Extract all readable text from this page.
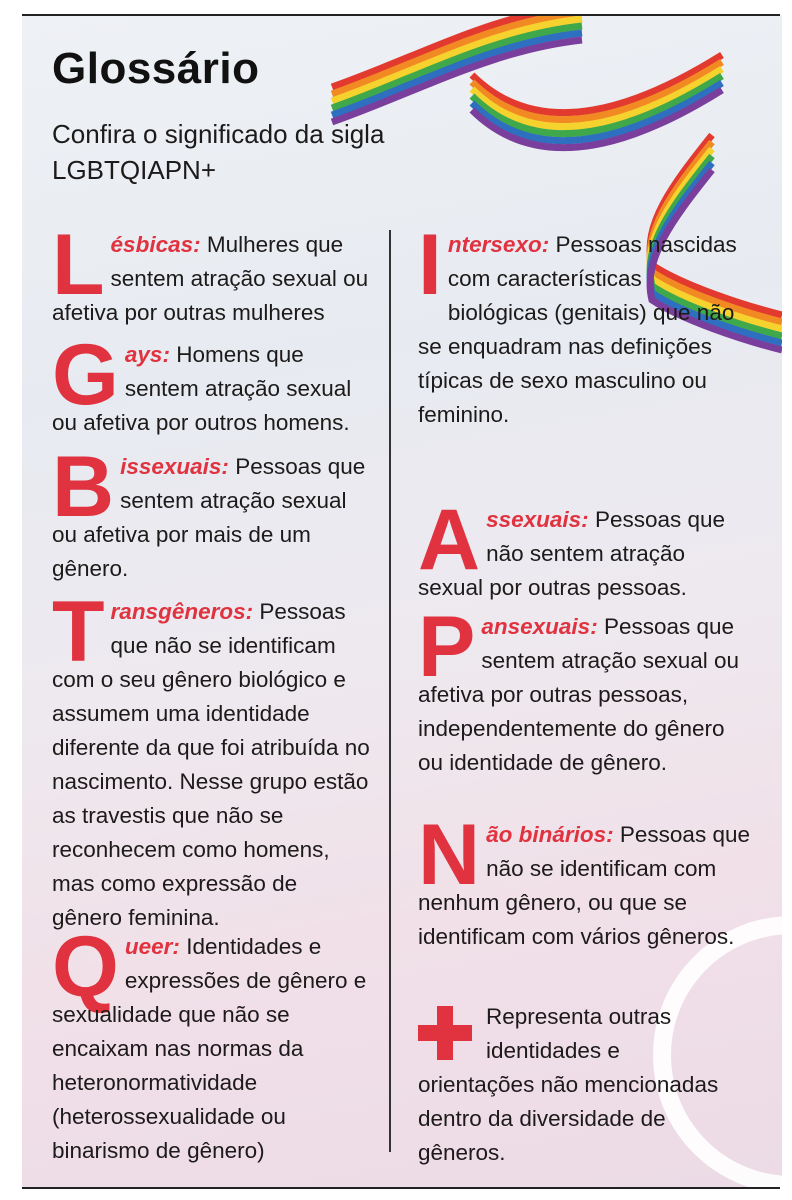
Glossário
Confira o significado da sigla LGBTQIAPN+
Lésbicas: Mulheres que sentem atração sexual ou afetiva por outras mulheres
Gays: Homens que sentem atração sexual ou afetiva por outros homens.
Bissexuais: Pessoas que sentem atração sexual ou afetiva por mais de um gênero.
Transgêneros: Pessoas que não se identificam com o seu gênero biológico e assumem uma identidade diferente da que foi atribuída no nascimento. Nesse grupo estão as travestis que não se reconhecem como homens, mas como expressão de gênero feminina.
Queer: Identidades e expressões de gênero e sexualidade que não se encaixam nas normas da heteronormatividade (heterossexualidade ou binarismo de gênero)
Intersexo: Pessoas nascidas com características biológicas (genitais) que não se enquadram nas definições típicas de sexo masculino ou feminino.
Assexuais: Pessoas que não sentem atração sexual por outras pessoas.
Pansexuais: Pessoas que sentem atração sexual ou afetiva por outras pessoas, independentemente do gênero ou identidade de gênero.
Não binários: Pessoas que não se identificam com nenhum gênero, ou que se identificam com vários gêneros.
Representa outras identidades e orientações não mencionadas dentro da diversidade de gêneros.
